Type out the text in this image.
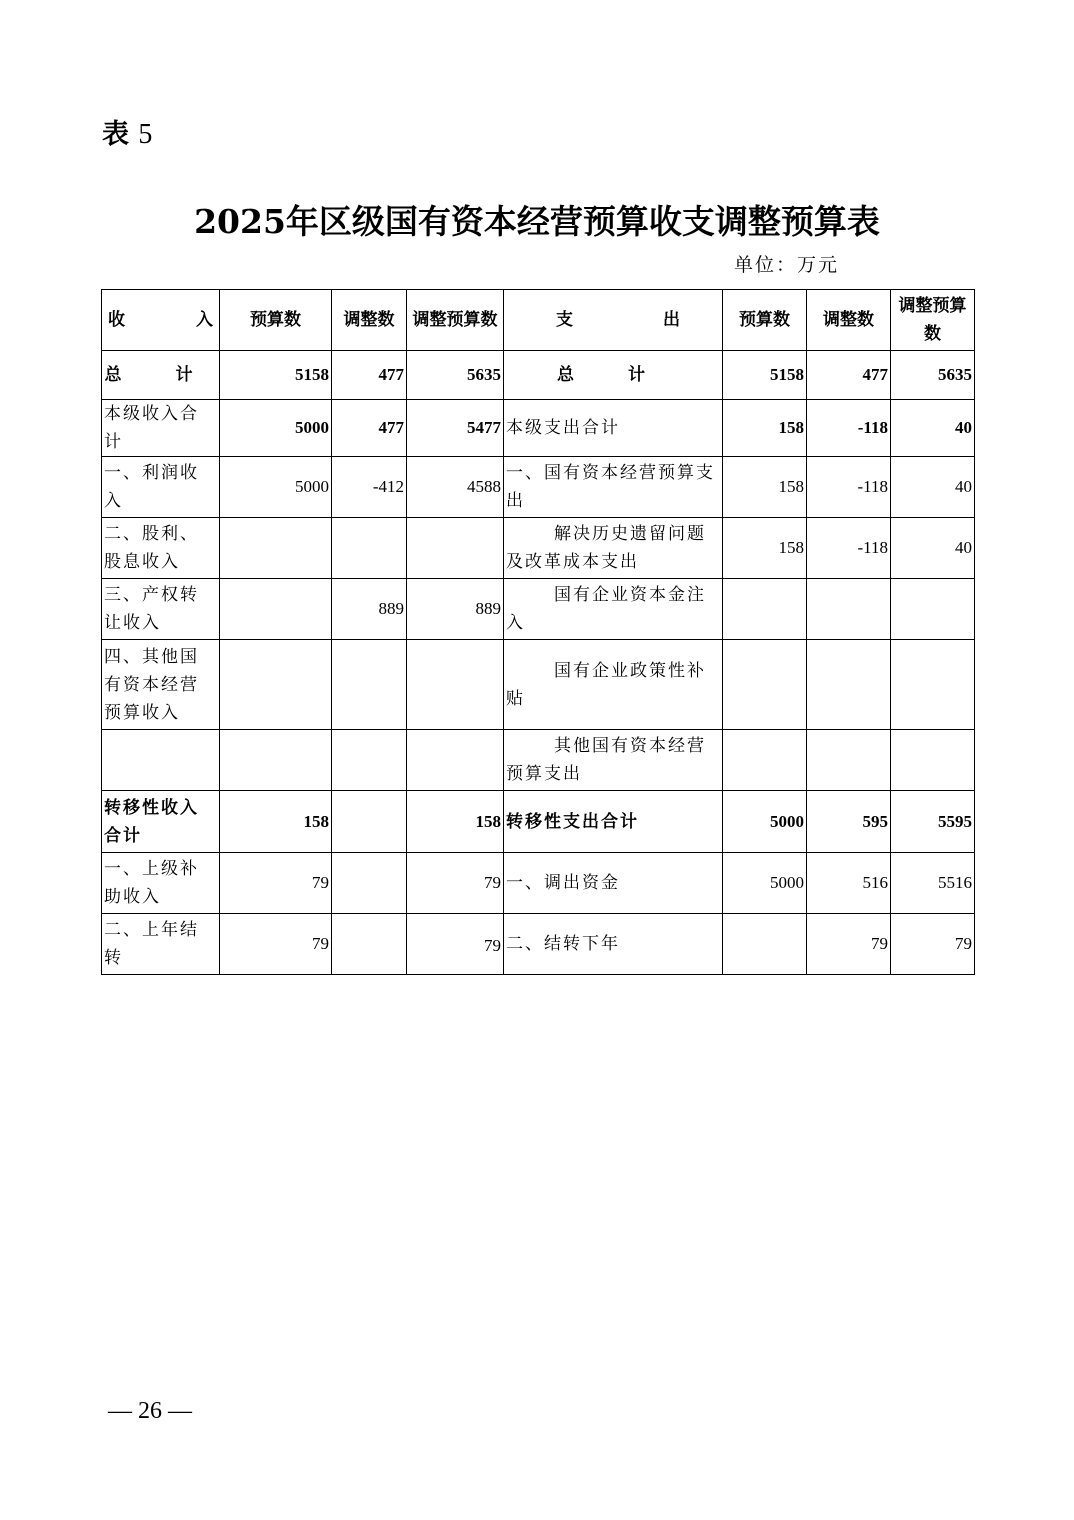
表 5
2025年区级国有资本经营预算收支调整预算表
单位：万元
收 入	预算数	调整数	调整预算数	支 出	预算数	调整数	调整预算数
总 计	5158	477	5635	总 计	5158	477	5635
本级收入合计	5000	477	5477	本级支出合计	158	-118	40
一、利润收入	5000	-412	4588	一、国有资本经营预算支出	158	-118	40
二、股利、股息收入				解决历史遗留问题及改革成本支出	158	-118	40
三、产权转让收入		889	889	国有企业资本金注入			
四、其他国有资本经营预算收入				国有企业政策性补贴			
				其他国有资本经营预算支出			
转移性收入合计	158		158	转移性支出合计	5000	595	5595
一、上级补助收入	79		79	一、调出资金	5000	516	5516
二、上年结转	79		79	二、结转下年		79	79
— 26 —
